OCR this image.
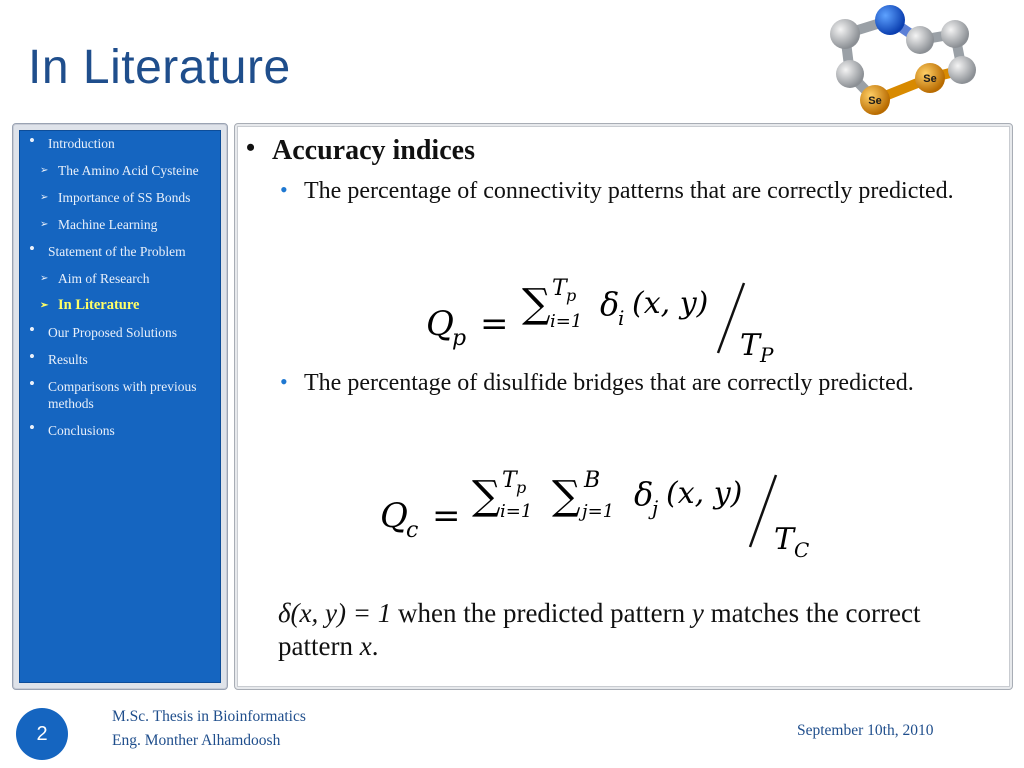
In Literature	Se
Se
• Introduction
➢ The Amino Acid Cysteine
➢ Importance of SS Bonds
➢ Machine Learning
• Statement of the Problem
➢ Aim of Research
➢ In Literature
• Our Proposed Solutions
• Results
• Comparisons with previous methods
• Conclusions
• Accuracy indices
• The percentage of connectivity patterns that are correctly predicted.
Q
p = ∑ T p
i=1 δ
i (x, y)
T P
• The percentage of disulfide bridges that are correctly predicted.
Q
c = ∑ T p
i=1 ∑ B
j=1 δ
j (x, y)
T C
δ(x, y) = 1 when the predicted pattern y matches the correct pattern x.
2
M.Sc. Thesis in Bioinformatics
Eng. Monther Alhamdoosh
September 10th, 2010
